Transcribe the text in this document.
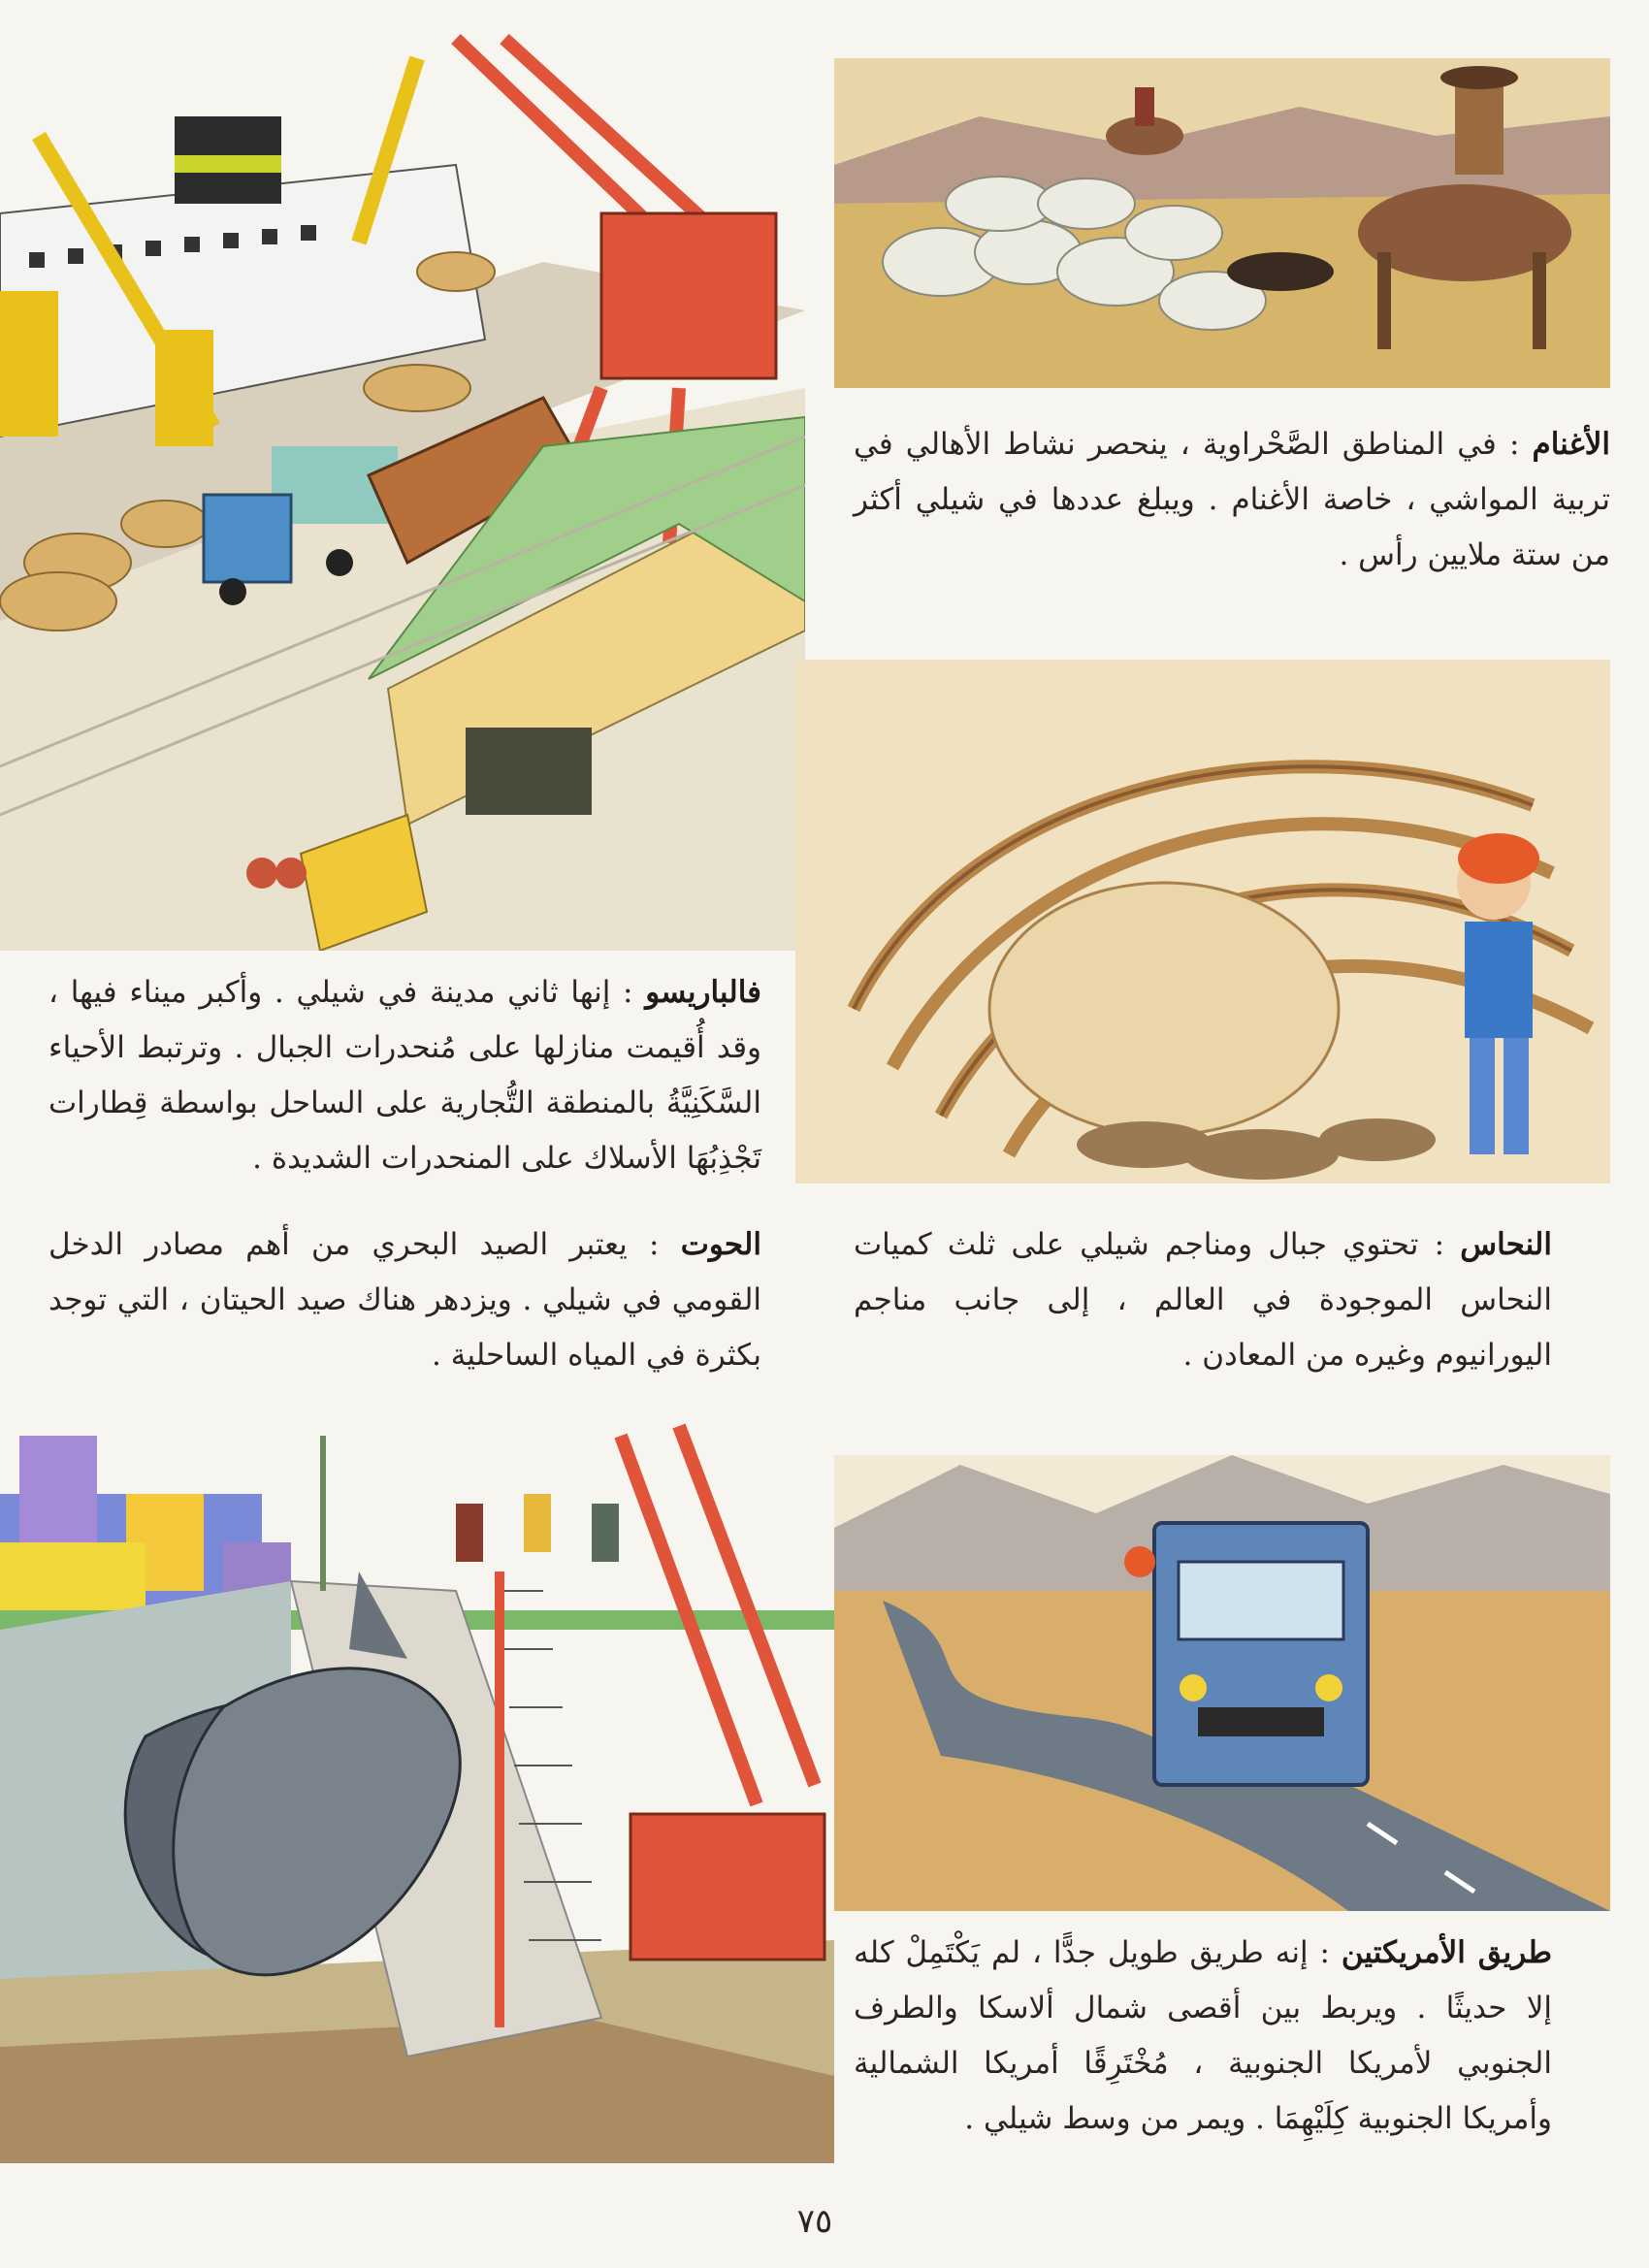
الأغنام : في المناطق الصَّحْراوية ، ينحصر نشاط الأهالي في تربية المواشي ، خاصة الأغنام . ويبلغ عددها في شيلي أكثر من ستة ملايين رأس .
النحاس : تحتوي جبال ومناجم شيلي على ثلث كميات النحاس الموجودة في العالم ، إلى جانب مناجم اليورانيوم وغيره من المعادن .
طريق الأمريكتين : إنه طريق طويل جدًّا ، لم يَكْتَمِلْ كله إلا حديثًا . ويربط بين أقصى شمال ألاسكا والطرف الجنوبي لأمريكا الجنوبية ، مُخْتَرِقًا أمريكا الشمالية وأمريكا الجنوبية كِلَيْهِمَا . ويمر من وسط شيلي .
فالباريسو : إنها ثاني مدينة في شيلي . وأكبر ميناء فيها ، وقد أُقيمت منازلها على مُنحدرات الجبال . وترتبط الأحياء السَّكَنِيَّةُ بالمنطقة التُّجارية على الساحل بواسطة قِطارات تَجْذِبُهَا الأسلاك على المنحدرات الشديدة .
الحوت : يعتبر الصيد البحري من أهم مصادر الدخل القومي في شيلي . ويزدهر هناك صيد الحيتان ، التي توجد بكثرة في المياه الساحلية .
٧٥
